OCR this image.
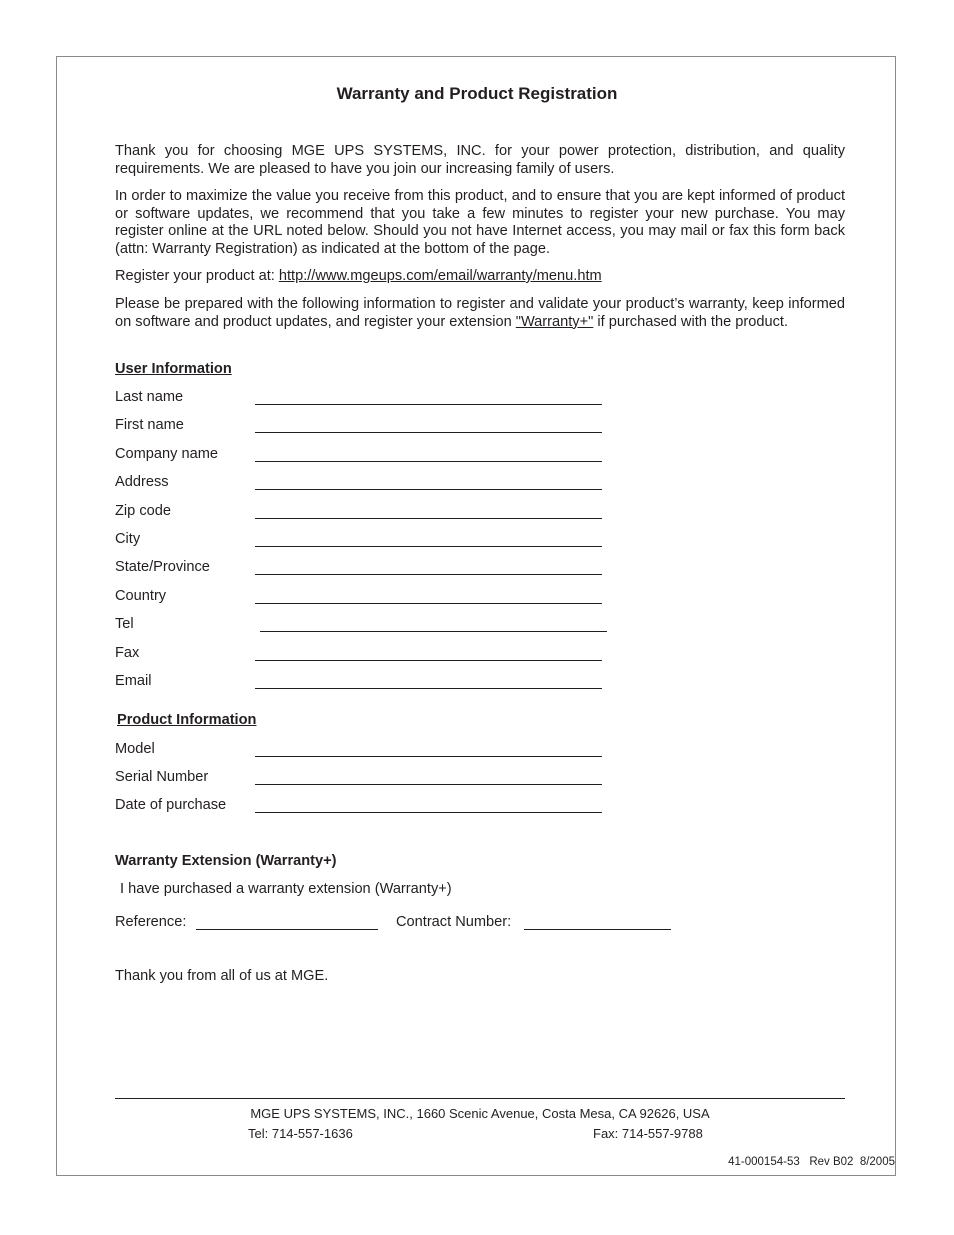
Warranty and Product Registration
Thank you for choosing MGE UPS SYSTEMS, INC. for your power protection, distribution, and quality requirements. We are pleased to have you join our increasing family of users.
In order to maximize the value you receive from this product, and to ensure that you are kept informed of product or software updates, we recommend that you take a few minutes to register your new purchase. You may register online at the URL noted below. Should you not have Internet access, you may mail or fax this form back (attn: Warranty Registration) as indicated at the bottom of the page.
Register your product at: http://www.mgeups.com/email/warranty/menu.htm
Please be prepared with the following information to register and validate your product’s warranty, keep informed on software and product updates, and register your extension "Warranty+" if purchased with the product.
User Information
Last name
First name
Company name
Address
Zip code
City
State/Province
Country
Tel
Fax
Email
Product Information
Model
Serial Number
Date of purchase
Warranty Extension (Warranty+)
I have purchased a warranty extension (Warranty+)
Reference:	Contract Number:
Thank you from all of us at MGE.
MGE UPS SYSTEMS, INC., 1660 Scenic Avenue, Costa Mesa, CA 92626, USA
Tel: 714-557-1636	Fax: 714-557-9788
41-000154-53   Rev B02  8/2005
